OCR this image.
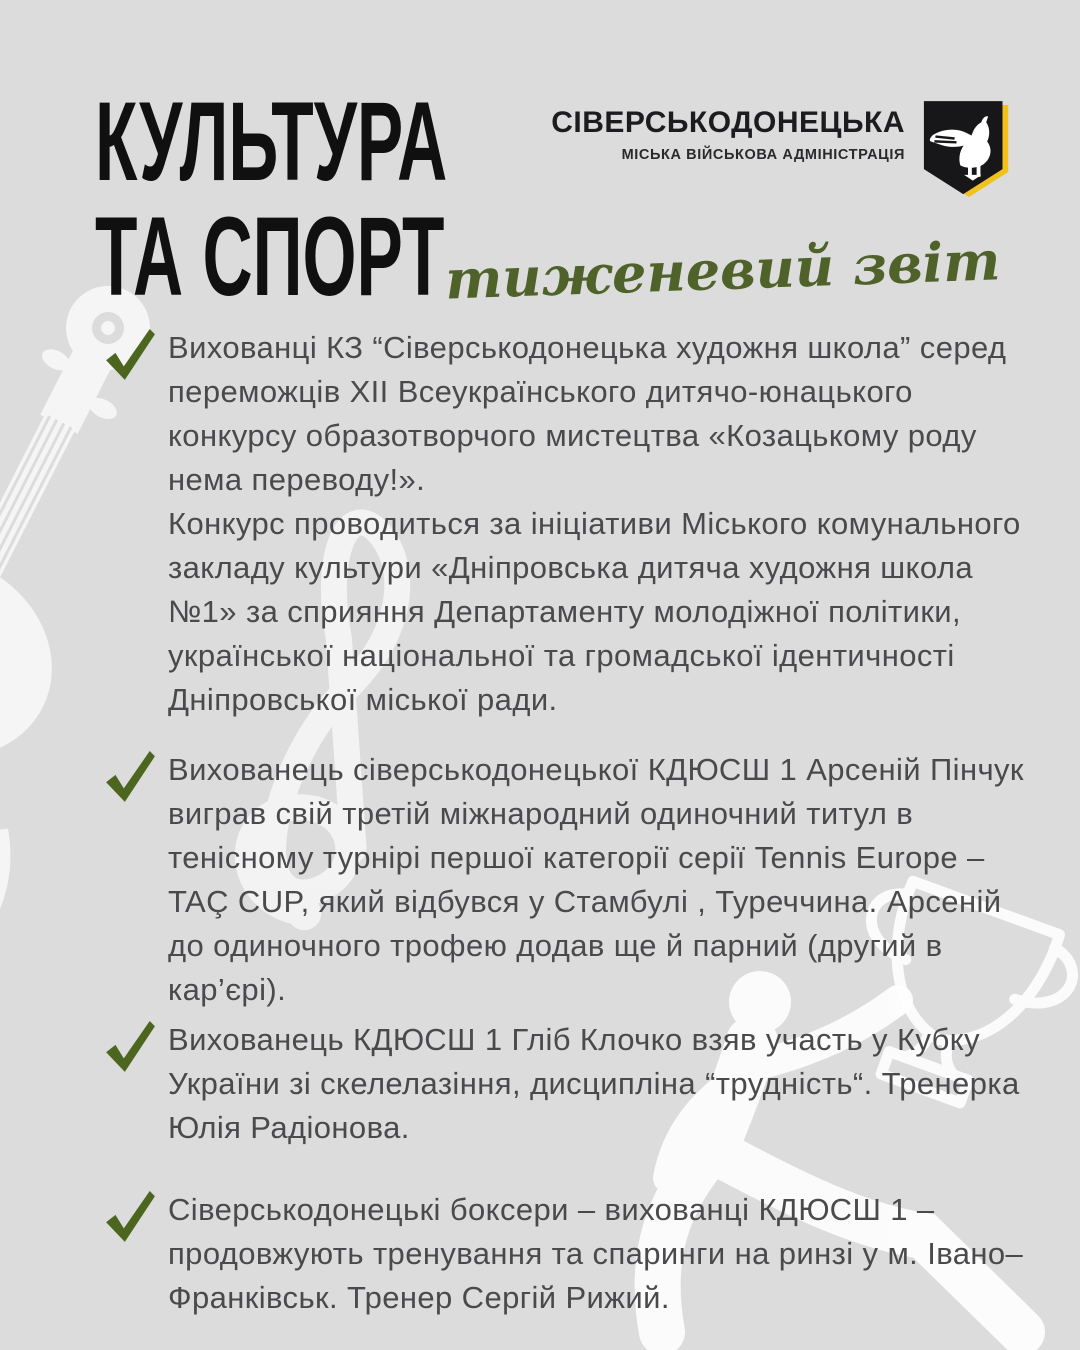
КУЛЬТУРА
ТА СПОРТ
СІВЕРСЬКОДОНЕЦЬКА
МІСЬКА ВІЙСЬКОВА АДМІНІСТРАЦІЯ
тиженевий звіт
Вихованці КЗ “Сіверськодонецька художня школа” серед переможців XII Всеукраїнського дитячо-юнацького конкурсу образотворчого мистецтва «Козацькому роду нема переводу!».
Конкурс проводиться за ініціативи Міського комунального закладу культури «Дніпровська дитяча художня школа №1» за сприяння Департаменту молодіжної політики, української національної та громадської ідентичності Дніпровської міської ради.
Вихованець сіверськодонецької КДЮСШ 1 Арсеній Пінчук виграв свій третій міжнародний одиночний титул в тенісному турнірі першої категорії серії Tennis Europe – TAÇ CUP, який відбувся у Стамбулі , Туреччина. Арсеній до одиночного трофею додав ще й парний (другий в кар’єрі).
Вихованець КДЮСШ 1 Гліб Клочко взяв участь у Кубку України зі скелелазіння, дисципліна “трудність“. Тренерка Юлія Радіонова.
Сіверськодонецькі боксери – вихованці КДЮСШ 1 – продовжують тренування та спаринги на ринзі у м. Івано– Франківськ. Тренер Сергій Рижий.
